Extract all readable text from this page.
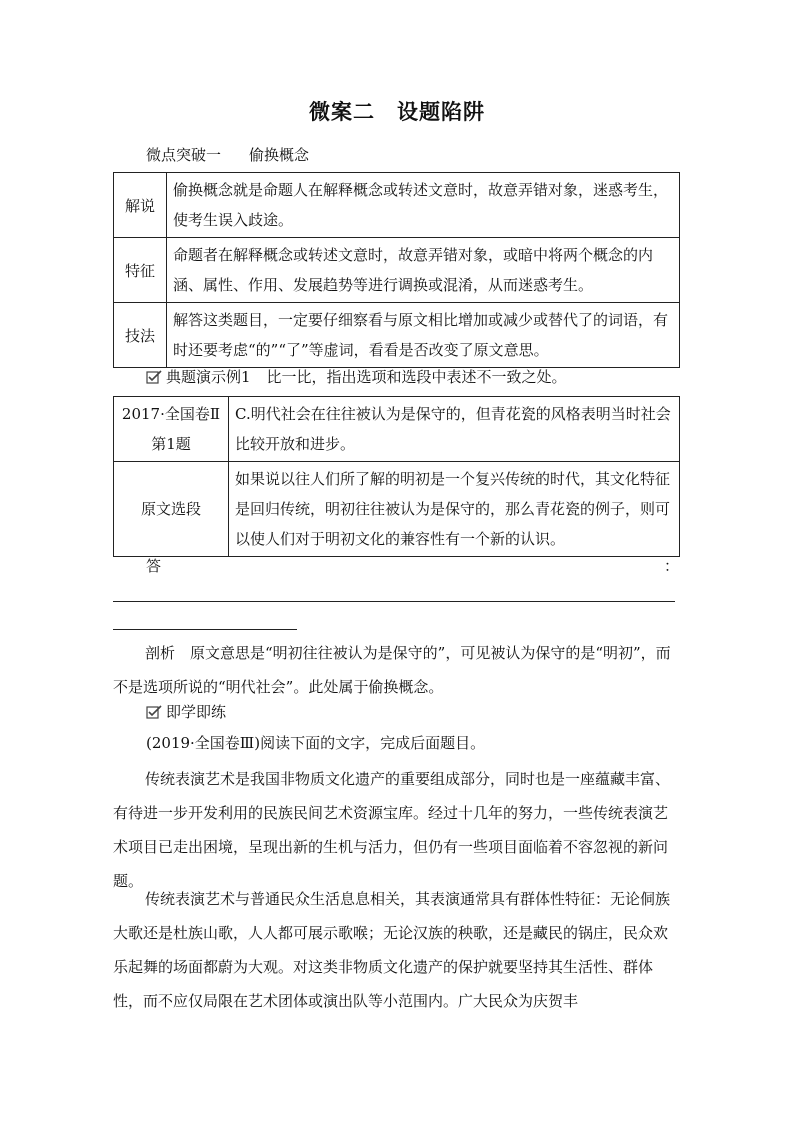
微案二　设题陷阱
微点突破一 偷换概念
解说	偷换概念就是命题人在解释概念或转述文意时，故意弄错对象，迷惑考生，使考生误入歧途。
特征	命题者在解释概念或转述文意时，故意弄错对象，或暗中将两个概念的内涵、属性、作用、发展趋势等进行调换或混淆，从而迷惑考生。
技法	解答这类题目，一定要仔细察看与原文相比增加或减少或替代了的词语，有时还要考虑“的”“了”等虚词，看看是否改变了原文意思。
典题演示例1 比一比，指出选项和选段中表述不一致之处。
2017·全国卷Ⅱ
第1题	C.明代社会在往往被认为是保守的，但青花瓷的风格表明当时社会比较开放和进步。
原文选段	如果说以往人们所了解的明初是一个复兴传统的时代，其文化特征是回归传统，明初往往被认为是保守的，那么青花瓷的例子，则可以使人们对于明初文化的兼容性有一个新的认识。
答	：
剖析　原文意思是“明初往往被认为是保守的”，可见被认为保守的是“明初”，而不是选项所说的“明代社会”。此处属于偷换概念。
即学即练
(2019·全国卷Ⅲ)阅读下面的文字，完成后面题目。
传统表演艺术是我国非物质文化遗产的重要组成部分，同时也是一座蕴藏丰富、有待进一步开发利用的民族民间艺术资源宝库。经过十几年的努力，一些传统表演艺术项目已走出困境，呈现出新的生机与活力，但仍有一些项目面临着不容忽视的新问题。
传统表演艺术与普通民众生活息息相关，其表演通常具有群体性特征：无论侗族大歌还是杜族山歌，人人都可展示歌喉；无论汉族的秧歌，还是藏民的锅庄，民众欢乐起舞的场面都蔚为大观。对这类非物质文化遗产的保护就要坚持其生活性、群体性，而不应仅局限在艺术团体或演出队等小范围内。广大民众为庆贺丰
